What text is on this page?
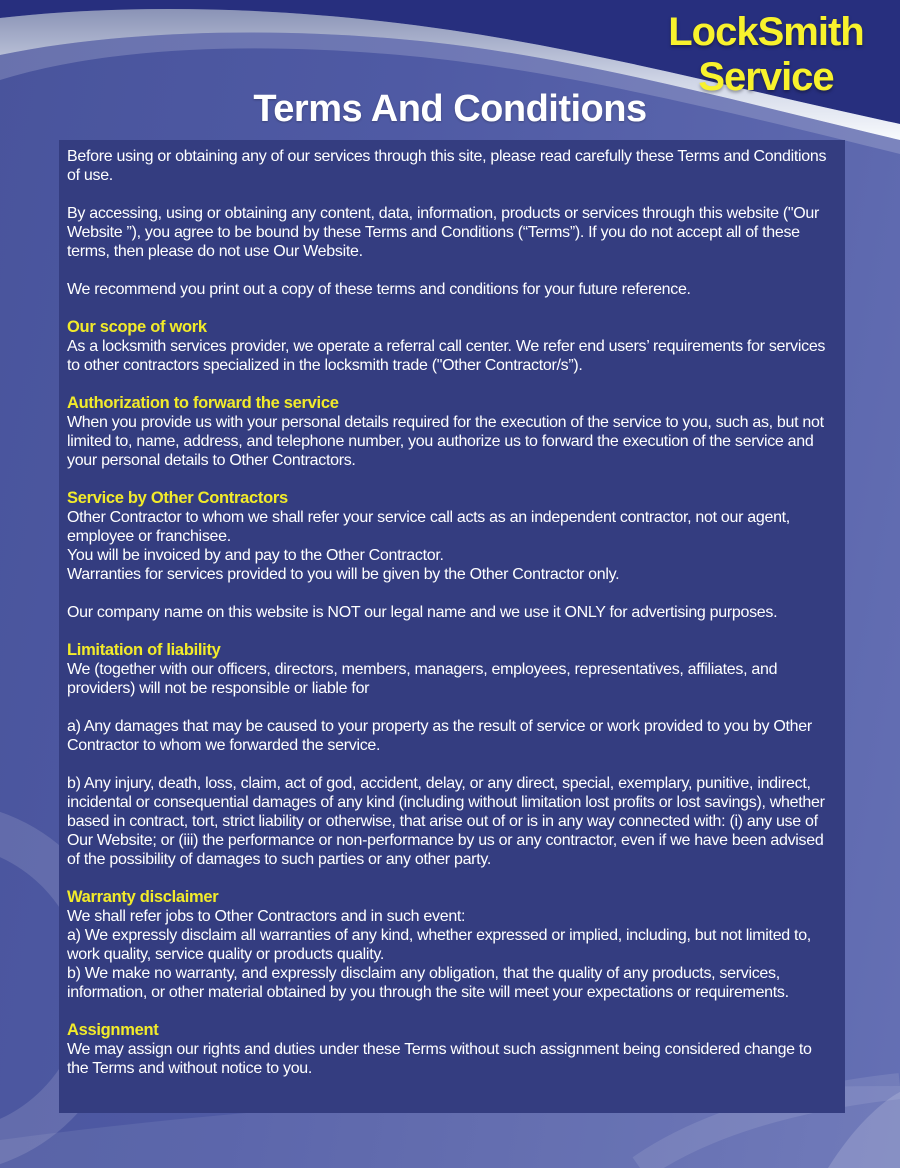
LockSmith
Service
Terms And Conditions

Before using or obtaining any of our services through this site, please read carefully these Terms and Conditions of use.

By accessing, using or obtaining any content, data, information, products or services through this website ("Our Website ”), you agree to be bound by these Terms and Conditions (“Terms”). If you do not accept all of these terms, then please do not use Our Website.

We recommend you print out a copy of these terms and conditions for your future reference.

Our scope of work

As a locksmith services provider, we operate a referral call center. We refer end users’ requirements for services to other contractors specialized in the locksmith trade ("Other Contractor/s”).

Authorization to forward the service

When you provide us with your personal details required for the execution of the service to you, such as, but not limited to, name, address, and telephone number, you authorize us to forward the execution of the service and your personal details to Other Contractors.

Service by Other Contractors

Other Contractor to whom we shall refer your service call acts as an independent contractor, not our agent, employee or franchisee.

You will be invoiced by and pay to the Other Contractor.

Warranties for services provided to you will be given by the Other Contractor only.

Our company name on this website is NOT our legal name and we use it ONLY for advertising purposes.

Limitation of liability

We (together with our officers, directors, members, managers, employees, representatives, affiliates, and providers) will not be responsible or liable for

a) Any damages that may be caused to your property as the result of service or work provided to you by Other Contractor to whom we forwarded the service.

b) Any injury, death, loss, claim, act of god, accident, delay, or any direct, special, exemplary, punitive, indirect, incidental or consequential damages of any kind (including without limitation lost profits or lost savings), whether based in contract, tort, strict liability or otherwise, that arise out of or is in any way connected with: (i) any use of Our Website; or (iii) the performance or non-performance by us or any contractor, even if we have been advised of the possibility of damages to such parties or any other party.

Warranty disclaimer

We shall refer jobs to Other Contractors and in such event:

a) We expressly disclaim all warranties of any kind, whether expressed or implied, including, but not limited to, work quality, service quality or products quality.

b) We make no warranty, and expressly disclaim any obligation, that the quality of any products, services, information, or other material obtained by you through the site will meet your expectations or requirements.

Assignment

We may assign our rights and duties under these Terms without such assignment being considered change to the Terms and without notice to you.
